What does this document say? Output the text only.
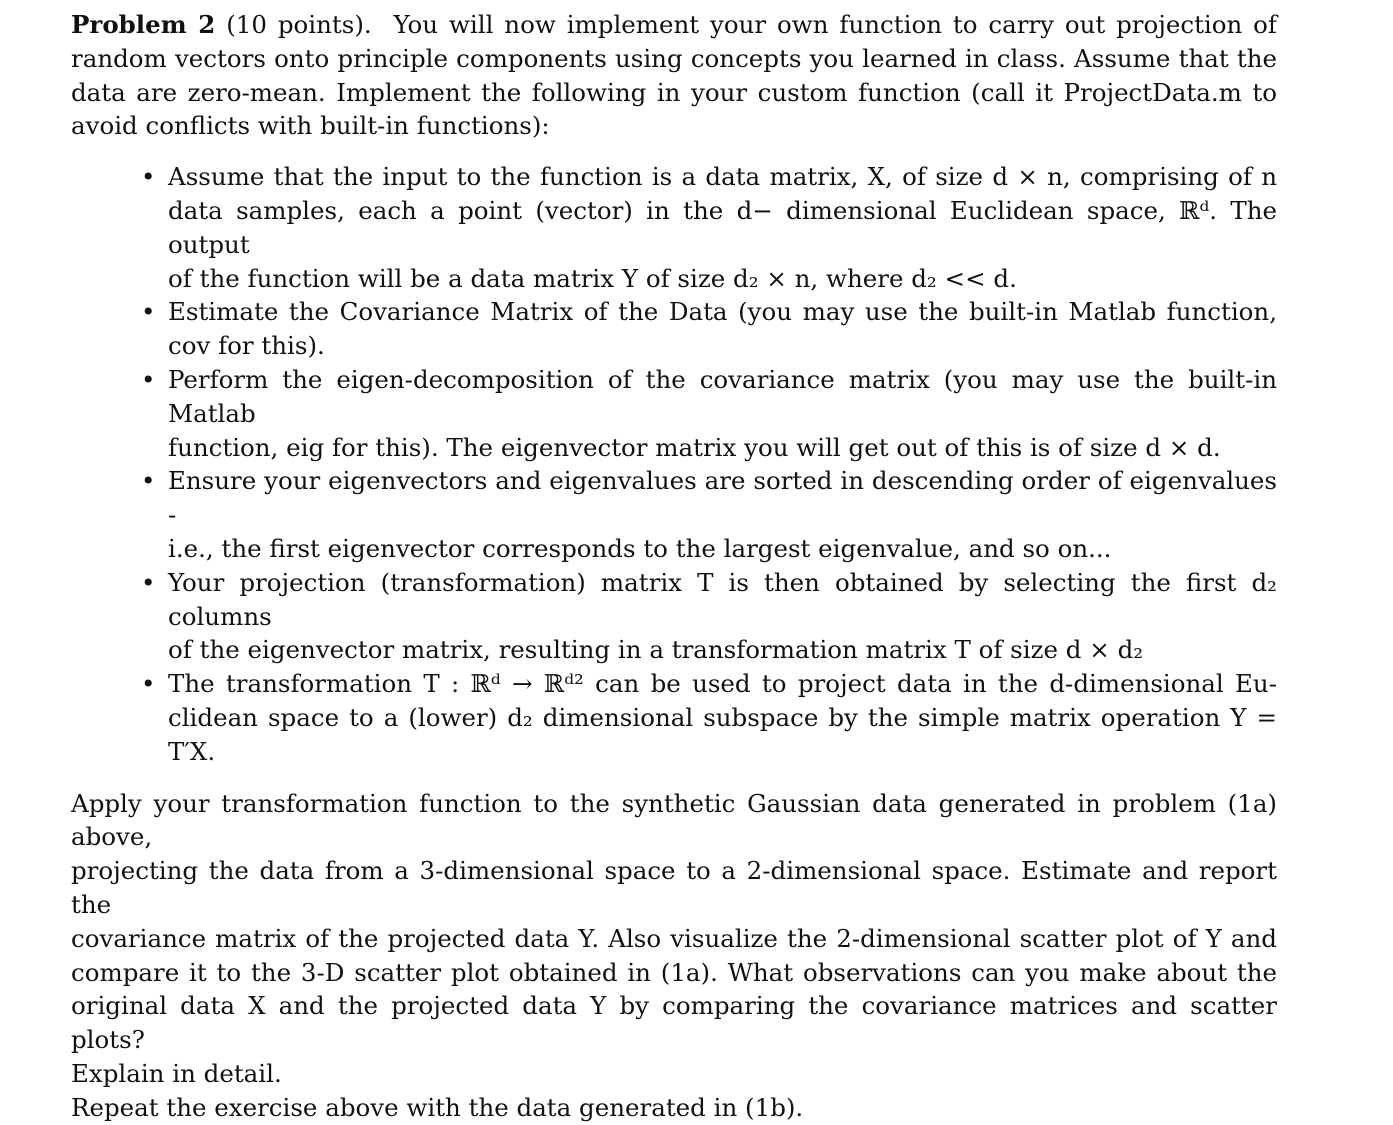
Problem 2 (10 points). You will now implement your own function to carry out projection of
random vectors onto principle components using concepts you learned in class. Assume that the
data are zero-mean. Implement the following in your custom function (call it ProjectData.m to
avoid conflicts with built-in functions):
• Assume that the input to the function is a data matrix, X, of size d × n, comprising of n
data samples, each a point (vector) in the d− dimensional Euclidean space, ℝᵈ. The output
of the function will be a data matrix Y of size d₂ × n, where d₂ << d.
• Estimate the Covariance Matrix of the Data (you may use the built-in Matlab function,
cov for this).
• Perform the eigen-decomposition of the covariance matrix (you may use the built-in Matlab
function, eig for this). The eigenvector matrix you will get out of this is of size d × d.
• Ensure your eigenvectors and eigenvalues are sorted in descending order of eigenvalues -
i.e., the first eigenvector corresponds to the largest eigenvalue, and so on...
• Your projection (transformation) matrix T is then obtained by selecting the first d₂ columns
of the eigenvector matrix, resulting in a transformation matrix T of size d × d₂
• The transformation T : ℝᵈ → ℝᵈ² can be used to project data in the d-dimensional Eu-
clidean space to a (lower) d₂ dimensional subspace by the simple matrix operation Y = T′X.
Apply your transformation function to the synthetic Gaussian data generated in problem (1a) above,
projecting the data from a 3-dimensional space to a 2-dimensional space. Estimate and report the
covariance matrix of the projected data Y. Also visualize the 2-dimensional scatter plot of Y and
compare it to the 3-D scatter plot obtained in (1a). What observations can you make about the
original data X and the projected data Y by comparing the covariance matrices and scatter plots?
Explain in detail.
Repeat the exercise above with the data generated in (1b).
